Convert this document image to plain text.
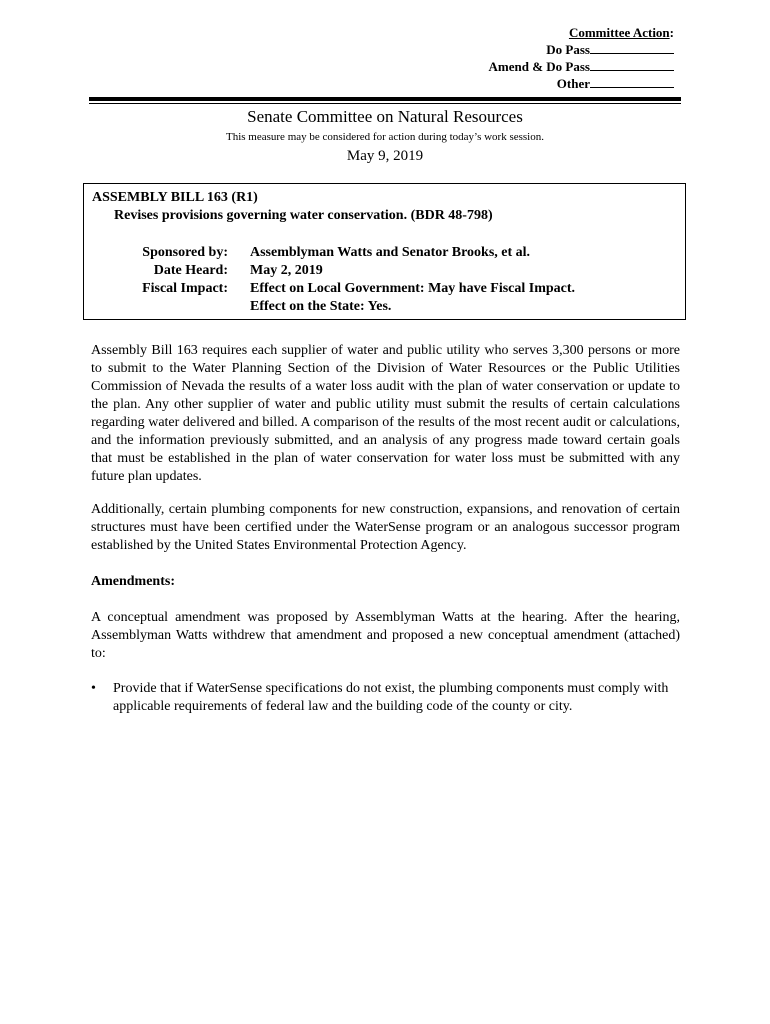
Committee Action:
Do Pass
Amend & Do Pass
Other
Senate Committee on Natural Resources
This measure may be considered for action during today’s work session.
May 9, 2019
ASSEMBLY BILL 163 (R1)
Revises provisions governing water conservation. (BDR 48-798)
Sponsored by:	Assemblyman Watts and Senator Brooks, et al.
Date Heard:	May 2, 2019
Fiscal Impact:	Effect on Local Government: May have Fiscal Impact.
Effect on the State: Yes.
Assembly Bill 163 requires each supplier of water and public utility who serves 3,300 persons or more to submit to the Water Planning Section of the Division of Water Resources or the Public Utilities Commission of Nevada the results of a water loss audit with the plan of water conservation or update to the plan. Any other supplier of water and public utility must submit the results of certain calculations regarding water delivered and billed. A comparison of the results of the most recent audit or calculations, and the information previously submitted, and an analysis of any progress made toward certain goals that must be established in the plan of water conservation for water loss must be submitted with any future plan updates.
Additionally, certain plumbing components for new construction, expansions, and renovation of certain structures must have been certified under the WaterSense program or an analogous successor program established by the United States Environmental Protection Agency.
Amendments:
A conceptual amendment was proposed by Assemblyman Watts at the hearing. After the hearing, Assemblyman Watts withdrew that amendment and proposed a new conceptual amendment (attached) to:
•	Provide that if WaterSense specifications do not exist, the plumbing components must comply with applicable requirements of federal law and the building code of the county or city.
